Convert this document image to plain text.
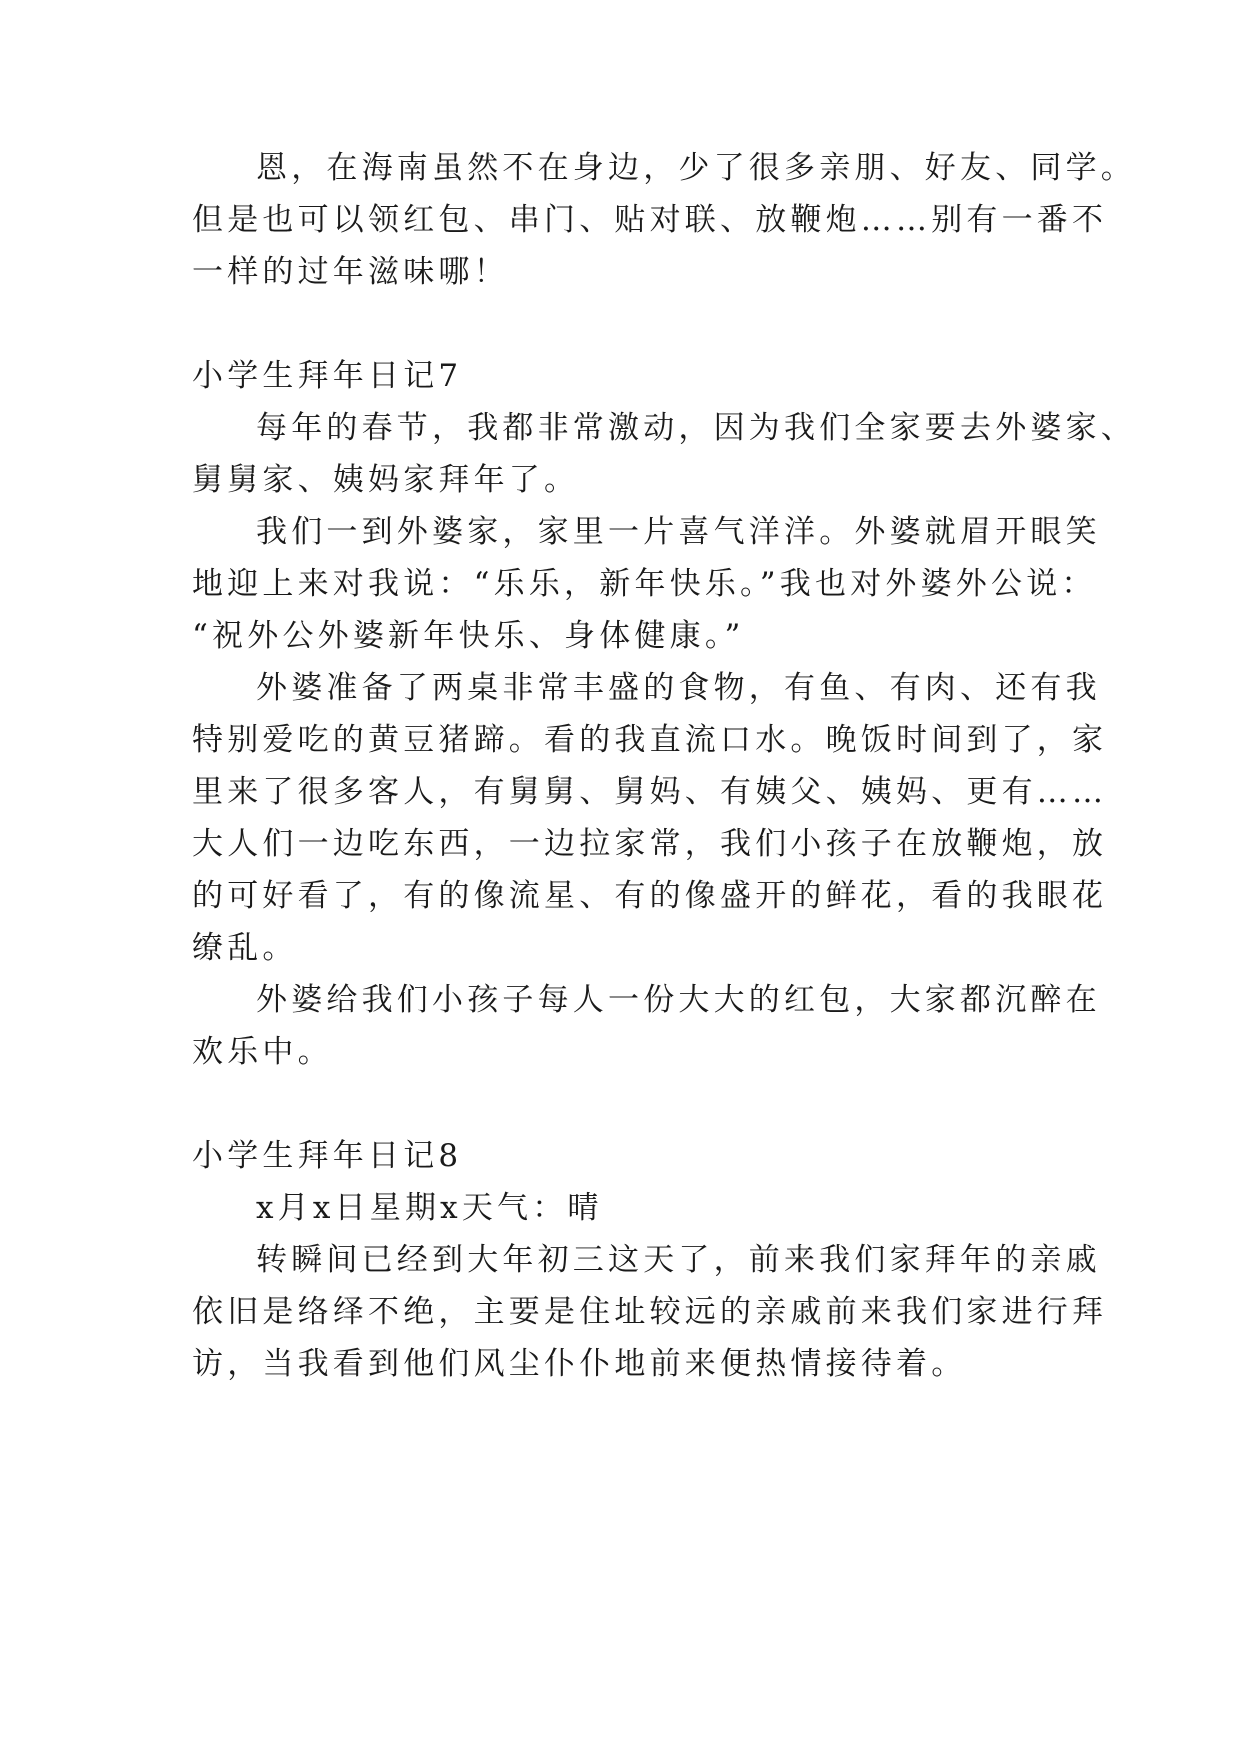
恩，在海南虽然不在身边，少了很多亲朋、好友、同学。
但是也可以领红包、串门、贴对联、放鞭炮……别有一番不
一样的过年滋味哪！
小学生拜年日记7
每年的春节，我都非常激动，因为我们全家要去外婆家、
舅舅家、姨妈家拜年了。
我们一到外婆家，家里一片喜气洋洋。外婆就眉开眼笑
地迎上来对我说：“乐乐，新年快乐。”我也对外婆外公说：
“祝外公外婆新年快乐、身体健康。”
外婆准备了两桌非常丰盛的食物，有鱼、有肉、还有我
特别爱吃的黄豆猪蹄。看的我直流口水。晚饭时间到了，家
里来了很多客人，有舅舅、舅妈、有姨父、姨妈、更有……
大人们一边吃东西，一边拉家常，我们小孩子在放鞭炮，放
的可好看了，有的像流星、有的像盛开的鲜花，看的我眼花
缭乱。
外婆给我们小孩子每人一份大大的红包，大家都沉醉在
欢乐中。
小学生拜年日记8
x月x日星期x天气：晴
转瞬间已经到大年初三这天了，前来我们家拜年的亲戚
依旧是络绎不绝，主要是住址较远的亲戚前来我们家进行拜
访，当我看到他们风尘仆仆地前来便热情接待着。
